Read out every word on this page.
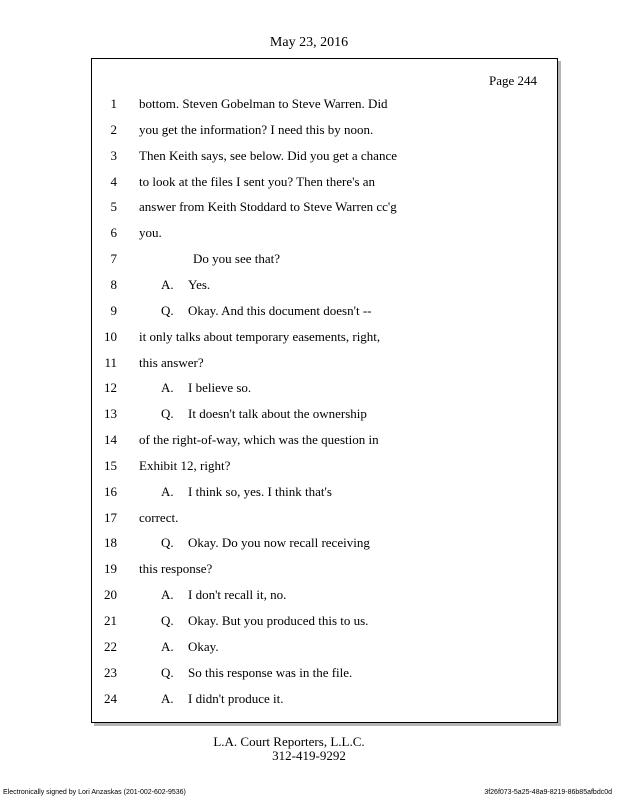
May 23, 2016
Page 244
1 bottom. Steven Gobelman to Steve Warren. Did
2 you get the information? I need this by noon.
3 Then Keith says, see below. Did you get a chance
4 to look at the files I sent you? Then there's an
5 answer from Keith Stoddard to Steve Warren cc'g
6 you.
7	Do you see that?
8	A. Yes.
9	Q. Okay. And this document doesn't --
10 it only talks about temporary easements, right,
11 this answer?
12	A. I believe so.
13	Q. It doesn't talk about the ownership
14 of the right-of-way, which was the question in
15 Exhibit 12, right?
16	A. I think so, yes. I think that's
17 correct.
18	Q. Okay. Do you now recall receiving
19 this response?
20	A. I don't recall it, no.
21	Q. Okay. But you produced this to us.
22	A. Okay.
23	Q. So this response was in the file.
24	A. I didn't produce it.
L.A. Court Reporters, L.L.C.
312-419-9292
Electronically signed by Lori Anzaskas (201-002-602-9536)	3f26f073-5a25-48a9-8219-86b85afbdc0d
